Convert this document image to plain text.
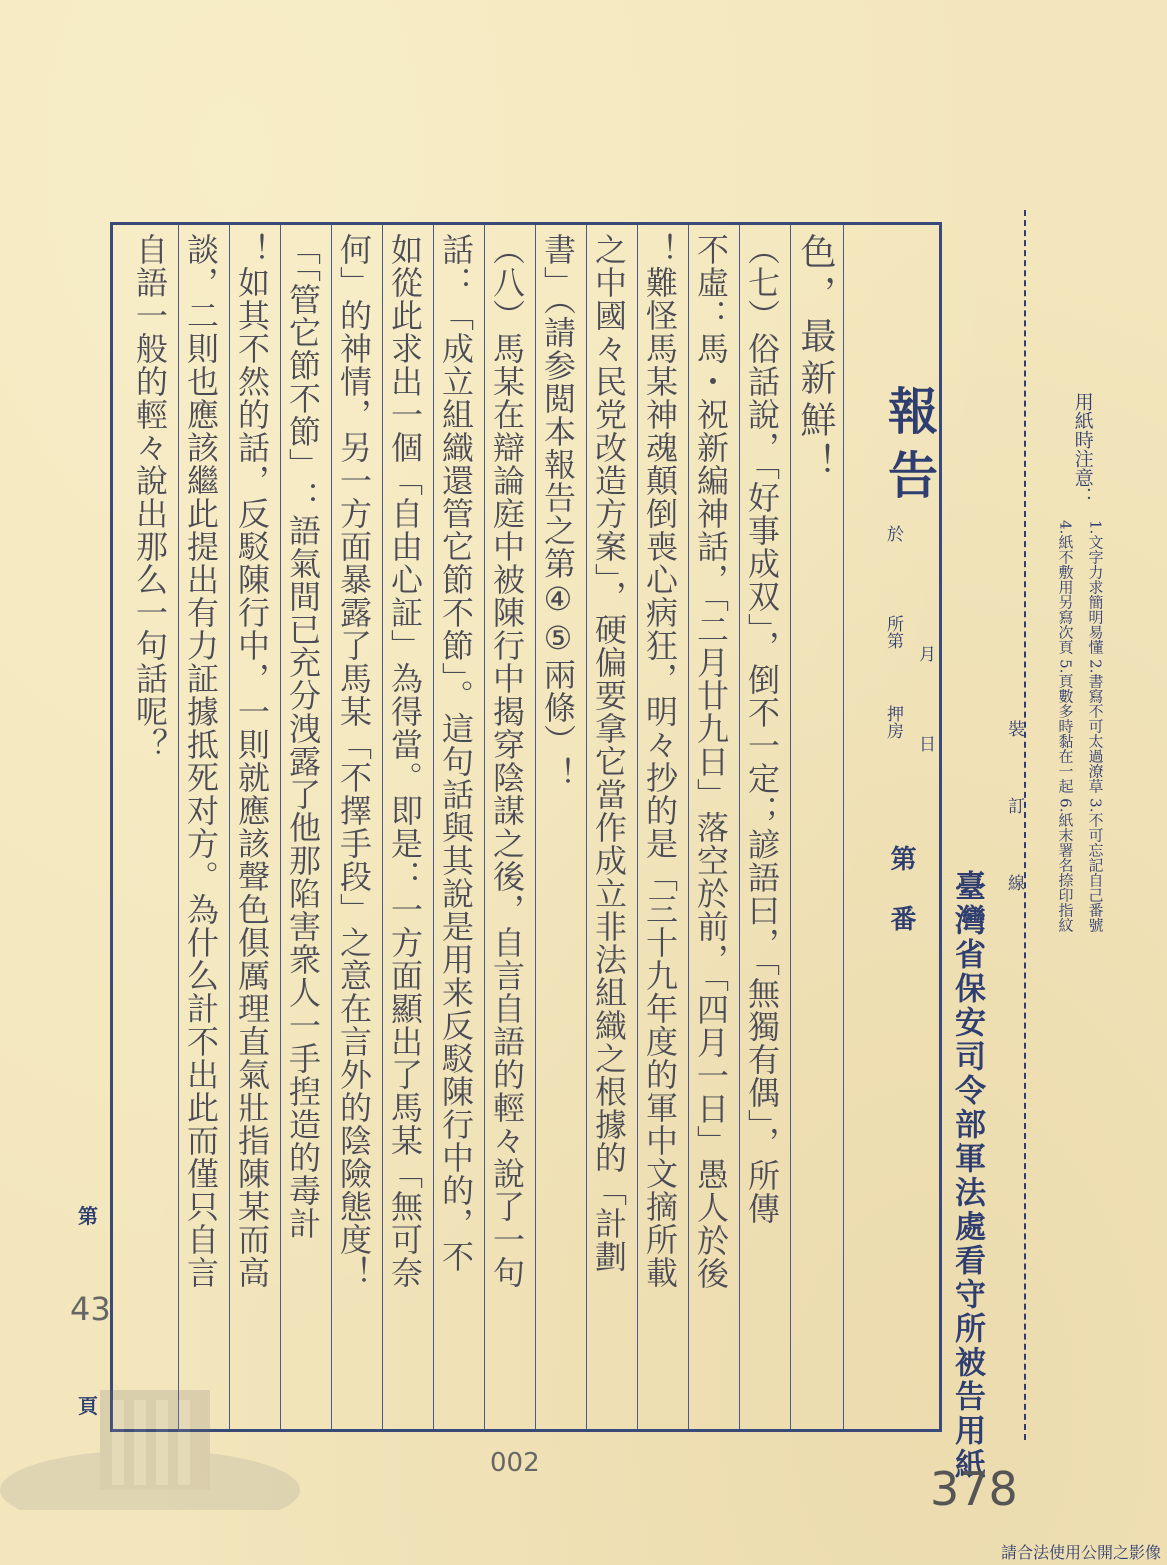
用紙時注意：
1.文字力求簡明易懂 2.書寫不可太過潦草 3.不可忘記自己番號
4.紙不敷用另寫次頁 5.頁數多時黏在一起 6.紙末署名捺印指紋
裝訂線
臺灣省保安司令部軍法處看守所被告用紙
報告
月
日
於
所第
押房
第
番
色，最新鮮！
（七）俗話說，「好事成双」，倒不一定；諺語曰，「無獨有偶」，所傳
不虛：馬・祝新編神話，「二月廿九日」落空於前，「四月一日」愚人於後
！難怪馬某神魂顛倒喪心病狂，明々抄的是「三十九年度的軍中文摘所載
之中國々民党改造方案」，硬偏要拿它當作成立非法組織之根據的「計劃
書」（請参閲本報告之第④⑤兩條）！
（八）馬某在辯論庭中被陳行中揭穿陰謀之後，自言自語的輕々說了一句
話：「成立組織還管它節不節」。這句話與其說是用来反駁陳行中的，不
如從此求出一個「自由心証」為得當。即是：一方面顯出了馬某「無可奈
何」的神情，另一方面暴露了馬某「不擇手段」之意在言外的陰險態度！
「「管它節不節」：語氣間已充分洩露了他那陷害衆人一手揑造的毒計
！如其不然的話，反駁陳行中，一則就應該聲色俱厲理直氣壯指陳某而高
談，二則也應該繼此提出有力証據抵死对方。為什么計不出此而僅只自言
自語一般的輕々說出那么一句話呢？
第
43
頁
002	378
請合法使用公開之影像
